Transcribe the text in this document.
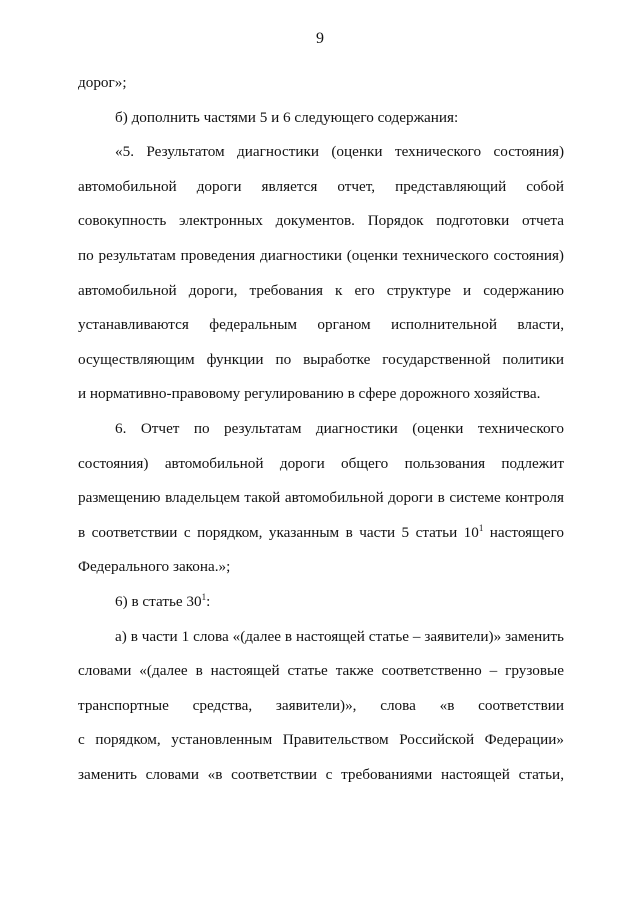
9
дорог»;
б) дополнить частями 5 и 6 следующего содержания:
«5. Результатом диагностики (оценки технического состояния)
автомобильной дороги является отчет, представляющий собой
совокупность электронных документов. Порядок подготовки отчета
по результатам проведения диагностики (оценки технического состояния)
автомобильной дороги, требования к его структуре и содержанию
устанавливаются федеральным органом исполнительной власти,
осуществляющим функции по выработке государственной политики
и нормативно-правовому регулированию в сфере дорожного хозяйства.
6. Отчет по результатам диагностики (оценки технического
состояния) автомобильной дороги общего пользования подлежит
размещению владельцем такой автомобильной дороги в системе контроля
в соответствии с порядком, указанным в части 5 статьи $10^1$ настоящего
Федерального закона.»;
6) в статье $30^1$:
а) в части 1 слова «(далее в настоящей статье – заявители)» заменить
словами «(далее в настоящей статье также соответственно – грузовые
транспортные средства, заявители)», слова «в соответствии
с порядком, установленным Правительством Российской Федерации»
заменить словами «в соответствии с требованиями настоящей статьи,
